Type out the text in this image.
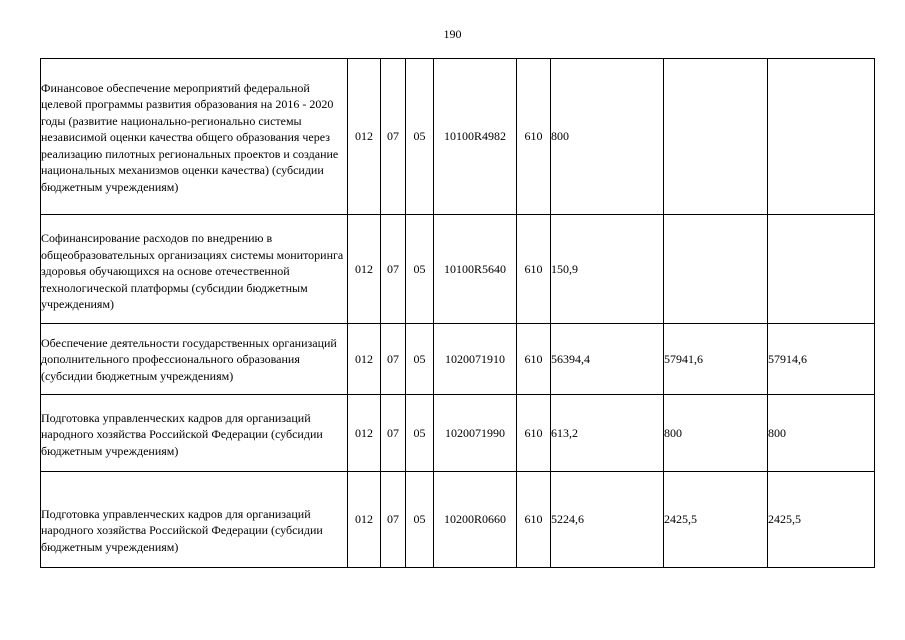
190
Финансовое обеспечение мероприятий федеральной целевой программы развития образования на 2016 - 2020 годы (развитие национально-регионально системы независимой оценки качества общего образования через реализацию пилотных региональных проектов и создание национальных механизмов оценки качества) (субсидии бюджетным учреждениям)	012	07	05	10100R4982	610	800		
Софинансирование расходов по внедрению в общеобразовательных организациях системы мониторинга здоровья обучающихся на основе отечественной технологической платформы (субсидии бюджетным учреждениям)	012	07	05	10100R5640	610	150,9		
Обеспечение деятельности государственных организаций дополнительного профессионального образования (субсидии бюджетным учреждениям)	012	07	05	1020071910	610	56394,4	57941,6	57914,6
Подготовка управленческих кадров для организаций народного хозяйства Российской Федерации (субсидии бюджетным учреждениям)	012	07	05	1020071990	610	613,2	800	800
Подготовка управленческих кадров для организаций народного хозяйства Российской Федерации (субсидии бюджетным учреждениям)	012	07	05	10200R0660	610	5224,6	2425,5	2425,5
